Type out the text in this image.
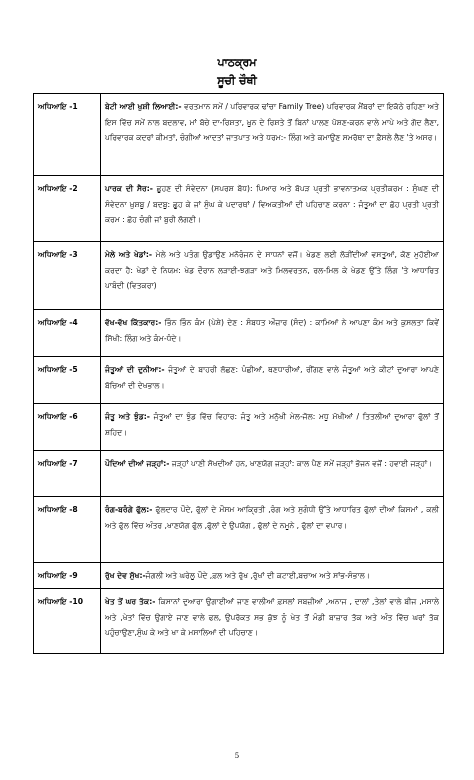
ਪਾਠਕ੍ਰਮ
ਸੂਚੀ ਚੌਥੀ
ਅਧਿਆਇ -1	ਬੇਟੀ ਆਈ ਖੁਸ਼ੀ ਲਿਆਈ:- ਵਰਤਮਾਨ ਸਮੇਂ / ਪਰਿਵਾਰਕ ਢਾਂਚਾ Family Tree) ਪਰਿਵਾਰਕ ਮੈਂਬਰਾਂ ਦਾ ਇਕੱਠੇ ਰਹਿਣਾ ਅਤੇ ਇਸ ਵਿੱਚ ਸਮੇਂ ਨਾਲ ਬਦਲਾਵ, ਮਾਂ ਬੱਚੇ ਦਾ-ਰਿਸ਼ਤਾ, ਖ਼ੂਨ ਦੇ ਰਿਸ਼ਤੇ ਤੋਂ ਬਿਨਾਂ ਪਾਲਣ ਪੋਸ਼ਣ-ਕਰਨ ਵਾਲੇ ਮਾਪੇ ਅਤੇ ਗੋਦ ਲੈਣਾ, ਪਰਿਵਾਰਕ ਕਦਰਾਂ ਕੀਮਤਾਂ, ਚੰਗੀਆਂ ਆਦਤਾਂ ਜਾਤਪਾਤ ਅਤੇ ਧਰਮ:- ਲਿੰਗ ਅਤੇ ਕਮਾਉਣ ਸਮਰੱਥਾ ਦਾ ਫ਼ੈਸਲੇ ਲੈਣ 'ਤੇ ਅਸਰ।
ਅਧਿਆਇ -2	ਪਾਰਕ ਦੀ ਸੈਰ:- ਛੂਹਣ ਦੀ ਸੰਵੇਦਨਾ (ਸਪਰਸ਼ ਬੋਧ): ਪਿਆਰ ਅਤੇ ਬੱਪੜ ਪ੍ਰਤੀ ਭਾਵਨਾਤਮਕ ਪ੍ਰਤੀਕਰਮ : ਸੁੰਘਣ ਦੀ ਸੰਵੇਦਨਾ ਖ਼ੁਸ਼ਬੂ / ਬਦਬੂ: ਛੂਹ ਕੇ ਜਾਂ ਸੁੰਘ ਕੇ ਪਦਾਰਥਾਂ / ਵਿਅਕਤੀਆਂ ਦੀ ਪਹਿਚਾਣ ਕਰਨਾ : ਜੰਤੂਆਂ ਦਾ ਛੋਹ ਪ੍ਰਤੀ ਪ੍ਰਤੀ ਕਰਮ : ਛੋਹ ਚੰਗੀ ਜਾਂ ਬੁਰੀ ਲੱਗਣੀ।
ਅਧਿਆਇ -3	ਮੇਲੇ ਅਤੇ ਖੇਡਾਂ:- ਮੇਲੇ ਅਤੇ ਪਤੰਗ ਉਡਾਉਣ ਮਨੋਰੰਜਨ ਦੇ ਸਾਧਨਾਂ ਵਜੋਂ। ਖੇਡਣ ਲਈ ਲੋੜੀਂਦੀਆਂ ਵਸਤੂਆਂ, ਕੋਣ ਮੁਹੱਈਆ ਕਰਦਾ ਹੈ: ਖੇਡਾਂ ਦੇ ਨਿਯਮ: ਖੇਡ ਦੌਰਾਨ ਲੜਾਈ-ਝਗੜਾ ਅਤੇ ਮਿਲਵਰਤਨ, ਰਲ-ਮਿਲ ਕੇ ਖੇਡਣ ਉੱਤੇ ਲਿੰਗ 'ਤੇ ਆਧਾਰਿਤ ਪਾਬੰਦੀ (ਵਿਤਕਰਾ)
ਅਧਿਆਇ -4	ਵੱਖ-ਵੱਖ ਕਿੱਤਕਾਰ:- ਭਿੰਨ ਭਿੰਨ ਕੰਮ (ਪੇਸ਼ੇ) ਦੇਣ : ਸੰਬਧਤ ਔਜ਼ਾਰ (ਸੰਦ) : ਕਾਮਿਆਂ ਨੇ ਆਪਣਾ ਕੰਮ ਅਤੇ ਕੁਸਲਤਾ ਕਿਵੇਂ ਸਿੱਖੀ: ਲਿੰਗ ਅਤੇ ਕੰਮ-ਧੰਦੇ।
ਅਧਿਆਇ -5	ਜੰਤੂਆਂ ਦੀ ਦੁਨੀਆ:- ਜੰਤੂਆਂ ਦੇ ਬਾਹਰੀ ਲੱਛਣ: ਪੰਛੀਆਂ, ਥਣਧਾਰੀਆਂ, ਰੀਂਗਣ ਵਾਲੇ ਜੰਤੂਆਂ ਅਤੇ ਕੀਟਾਂ ਦੁਆਰਾ ਆਪਣੇ ਬੱਚਿਆਂ ਦੀ ਦੇਖਭਾਲ।
ਅਧਿਆਇ -6	ਜੰਤੂ ਅਤੇ ਝੁੰਡ:- ਜੰਤੂਆਂ ਦਾ ਝੁੰਡ ਵਿੱਚ ਵਿਹਾਰ: ਜੰਤੂ ਅਤੇ ਮਨੁੱਖੀ ਮੇਲ-ਜੋਲ: ਮਧੂ ਮੱਖੀਆਂ / ਤਿਤਲੀਆਂ ਦੁਆਰਾ ਫੁੱਲਾਂ ਤੋਂ ਸ਼ਹਿਦ।
ਅਧਿਆਇ -7	ਪੌਦਿਆਂ ਦੀਆਂ ਜੜ੍ਹਾਂ:- ਜੜ੍ਹਾਂ ਪਾਣੀ ਸੋਖਦੀਆਂ ਹਨ, ਖਾਣਯੋਗ ਜੜ੍ਹਾਂ: ਕਾਲ ਪੈਣ ਸਮੇਂ ਜੜ੍ਹਾਂ ਭੋਜਨ ਵਜੋਂ : ਹਵਾਈ ਜੜ੍ਹਾਂ।
ਅਧਿਆਇ -8	ਰੰਗ-ਬਰੰਗੇ ਫੁੱਲ:- ਫੁੱਲਦਾਰ ਪੌਦੇ, ਫੁੱਲਾਂ ਦੇ ਮੌਸਮ ਆਕ੍ਰਿਤੀ ,ਰੰਗ ਅਤੇ ਸੁਗੰਧੀ ਉੱਤੇ ਆਧਾਰਿਤ ਫੁੱਲਾਂ ਦੀਆਂ ਕਿਸਮਾਂ , ਕਲੀ ਅਤੇ ਫੁੱਲ ਵਿੱਚ ਅੰਤਰ ,ਖਾਣਯੋਗ ਫੁੱਲ ,ਫੁੱਲਾਂ ਦੇ ਉਪਯੋਗ , ਫੁੱਲਾਂ ਦੇ ਨਮੂਨੇ , ਫੁੱਲਾਂ ਦਾ ਵਪਾਰ।
ਅਧਿਆਇ -9	ਰੁੱਖ ਦੇਵ ਸੁੱਖ:-ਜੰਗਲੀ ਅਤੇ ਘਰੇਲੂ ਪੌਦੇ ,ਫ਼ਲ ਅਤੇ ਰੁੱਖ ,ਰੁੱਖਾਂ ਦੀ ਕਟਾਈ,ਬਚਾਅ ਅਤੇ ਸਾਂਭ-ਸੰਭਾਲ।
ਅਧਿਆਇ -10	ਖੇਤ ਤੋਂ ਘਰ ਤੱਕ:- ਕਿਸਾਨਾਂ ਦੁਆਰਾ ਉਗਾਈਆਂ ਜਾਣ ਵਾਲੀਆਂ ਫ਼ਸਲਾਂ ਸਬਜ਼ੀਆਂ ,ਅਨਾਜ , ਦਾਲਾਂ ,ਤੇਲਾਂ ਵਾਲੇ ਬੀਜ ,ਮਸਾਲੇ ਅਤੇ ,ਖੇਤਾਂ ਵਿੱਚ ਉਗਾਏ ਜਾਣ ਵਾਲੇ ਫਲ, ਉਪਰੋਕਤ ਸਭ ਕੁੱਝ ਨੂੰ ਖੇਤ ਤੋਂ ਮੰਡੀ ਬਾਜ਼ਾਰ ਤੱਕ ਅਤੇ ਅੰਤ ਵਿੱਚ ਘਰਾਂ ਤੱਕ ਪਹੁੰਚਾਉਣਾ,ਸੁੰਘ ਕੇ ਅਤੇ ਖਾ ਕੇ ਮਸਾਲਿਆਂ ਦੀ ਪਹਿਚਾਣ।
5
